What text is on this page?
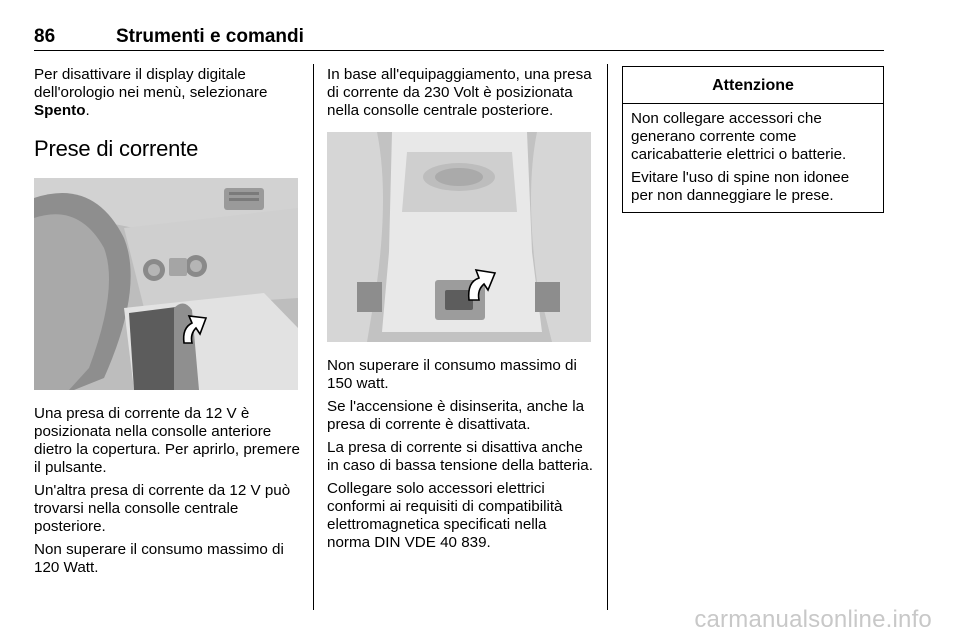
86	Strumenti e comandi

Per disattivare il display digitale dell'orologio nei menù, selezionare Spento.

Prese di corrente

Una presa di corrente da 12 V è posizionata nella consolle anteriore dietro la copertura. Per aprirlo, premere il pulsante.

Un'altra presa di corrente da 12 V può trovarsi nella consolle centrale posteriore.

Non superare il consumo massimo di 120 Watt.

In base all'equipaggiamento, una presa di corrente da 230 Volt è posizionata nella consolle centrale posteriore.

Non superare il consumo massimo di 150 watt.

Se l'accensione è disinserita, anche la presa di corrente è disattivata.

La presa di corrente si disattiva anche in caso di bassa tensione della batteria.

Collegare solo accessori elettrici conformi ai requisiti di compatibilità elettromagnetica specificati nella norma DIN VDE 40 839.

Attenzione

Non collegare accessori che generano corrente come caricabatterie elettrici o batterie.

Evitare l'uso di spine non idonee per non danneggiare le prese.

carmanualsonline.info
